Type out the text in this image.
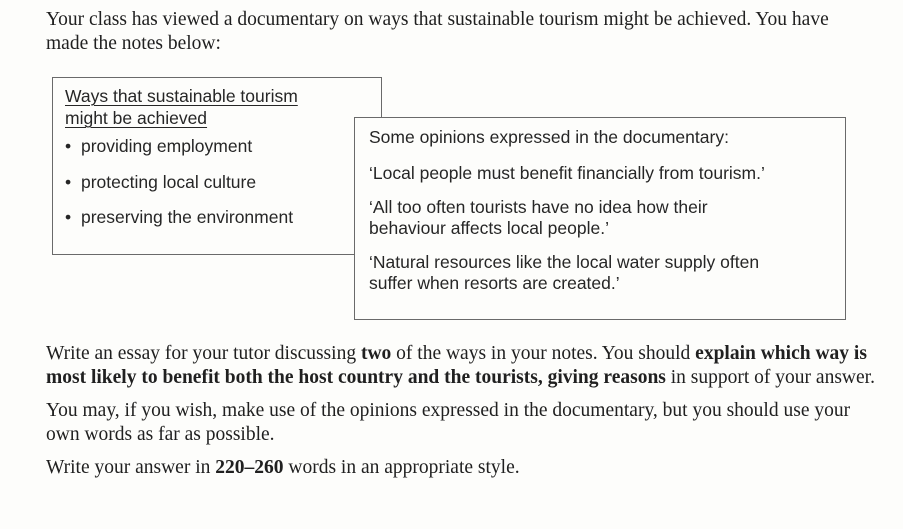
Your class has viewed a documentary on ways that sustainable tourism might be achieved. You have made the notes below:

Ways that sustainable tourism
might be achieved

• providing employment
• protecting local culture
• preserving the environment

Some opinions expressed in the documentary:

‘Local people must benefit financially from tourism.’

‘All too often tourists have no idea how their
behaviour affects local people.’

‘Natural resources like the local water supply often
suffer when resorts are created.’

Write an essay for your tutor discussing two of the ways in your notes. You should explain which way is most likely to benefit both the host country and the tourists, giving reasons in support of your answer.

You may, if you wish, make use of the opinions expressed in the documentary, but you should use your own words as far as possible.

Write your answer in 220–260 words in an appropriate style.
